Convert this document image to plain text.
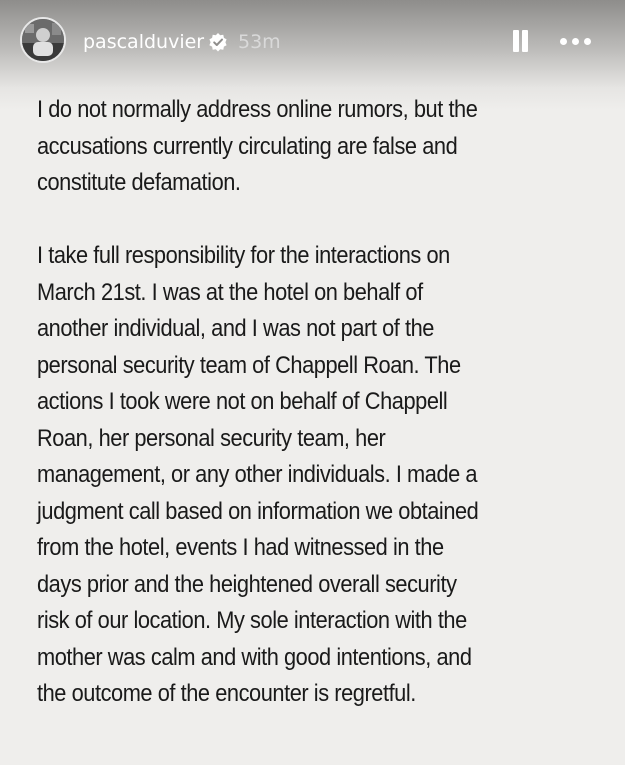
pascalduvier 53m
I do not normally address online rumors, but the
accusations currently circulating are false and
constitute defamation.
I take full responsibility for the interactions on
March 21st. I was at the hotel on behalf of
another individual, and I was not part of the
personal security team of Chappell Roan. The
actions I took were not on behalf of Chappell
Roan, her personal security team, her
management, or any other individuals. I made a
judgment call based on information we obtained
from the hotel, events I had witnessed in the
days prior and the heightened overall security
risk of our location. My sole interaction with the
mother was calm and with good intentions, and
the outcome of the encounter is regretful.
